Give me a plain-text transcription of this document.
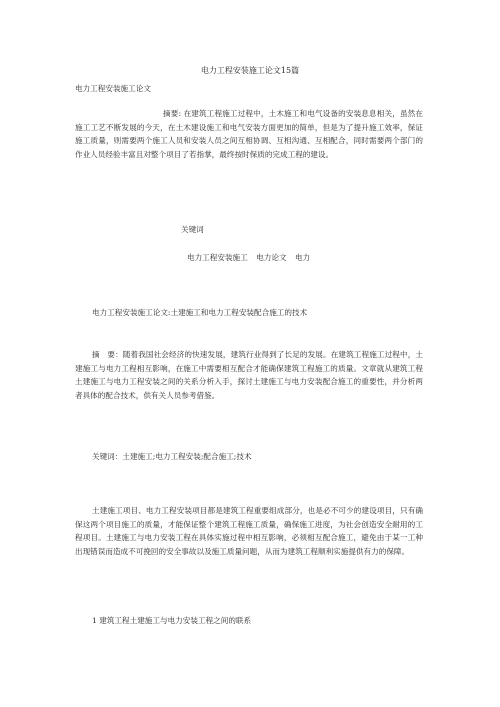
电力工程安装施工论文15篇
电力工程安装施工论文

摘要: 在建筑工程施工过程中，土木施工和电气设备的安装息息相关，虽然在施工工艺不断发展的今天，在土木建设施工和电气安装方面更加的简单，但是为了提升施工效率，保证施工质量，则需要两个施工人员和安装人员之间互相协调、互相沟通、互相配合，同时需要两个部门的作业人员经验丰富且对整个项目了若指掌，最终按时保质的完成工程的建设。

关键词
电力工程安装施工 电力论文 电力
电力工程安装施工论文:土建施工和电力工程安装配合施工的技术

摘　要：随着我国社会经济的快速发展，建筑行业得到了长足的发展。在建筑工程施工过程中，土建施工与电力工程相互影响，在施工中需要相互配合才能确保建筑工程施工的质量。文章就从建筑工程土建施工与电力工程安装之间的关系分析入手，探讨土建施工与电力安装配合施工的重要性，并分析两者具体的配合技术，供有关人员参考借鉴。

关键词：土建施工;电力工程安装;配合施工;技术

土建施工项目、电力工程安装项目都是建筑工程重要组成部分，也是必不可少的建设项目，只有确保这两个项目施工的质量，才能保证整个建筑工程施工质量，确保施工进度，为社会创造安全耐用的工程项目。土建施工与电力安装工程在具体实施过程中相互影响，必须相互配合施工，避免由于某一工种出现错误而造成不可挽回的安全事故以及施工质量问题，从而为建筑工程顺利实施提供有力的保障。

1 建筑工程土建施工与电力安装工程之间的联系
